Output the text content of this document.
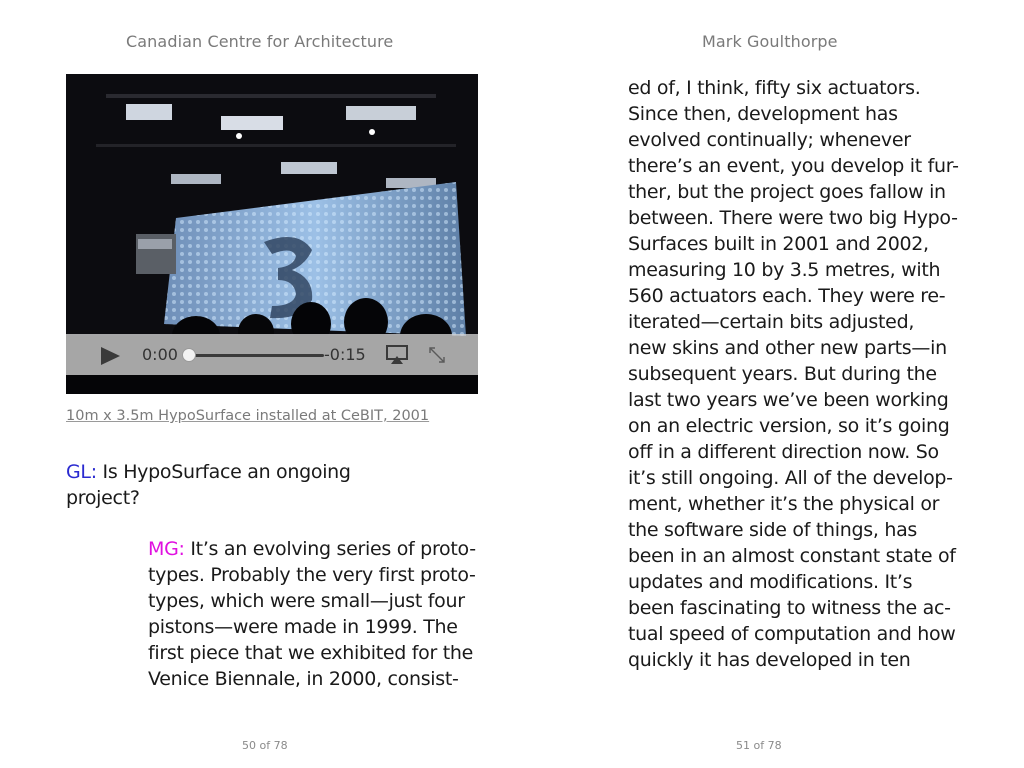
Canadian Centre for Architecture	Mark Goulthorpe
0:00	-0:15
10m x 3.5m HypoSurface installed at CeBIT, 2001
GL: Is HypoSurface an ongoing
project?
MG: It’s an evolving series of proto-
types. Probably the very first proto-
types, which were small—just four
pistons—were made in 1999. The
first piece that we exhibited for the
Venice Biennale, in 2000, consist-
ed of, I think, fifty six actuators.
Since then, development has
evolved continually; whenever
there’s an event, you develop it fur-
ther, but the project goes fallow in
between. There were two big Hypo-
Surfaces built in 2001 and 2002,
measuring 10 by 3.5 metres, with
560 actuators each. They were re-
iterated—certain bits adjusted,
new skins and other new parts—in
subsequent years. But during the
last two years we’ve been working
on an electric version, so it’s going
off in a different direction now. So
it’s still ongoing. All of the develop-
ment, whether it’s the physical or
the software side of things, has
been in an almost constant state of
updates and modifications. It’s
been fascinating to witness the ac-
tual speed of computation and how
quickly it has developed in ten
50 of 78	51 of 78
